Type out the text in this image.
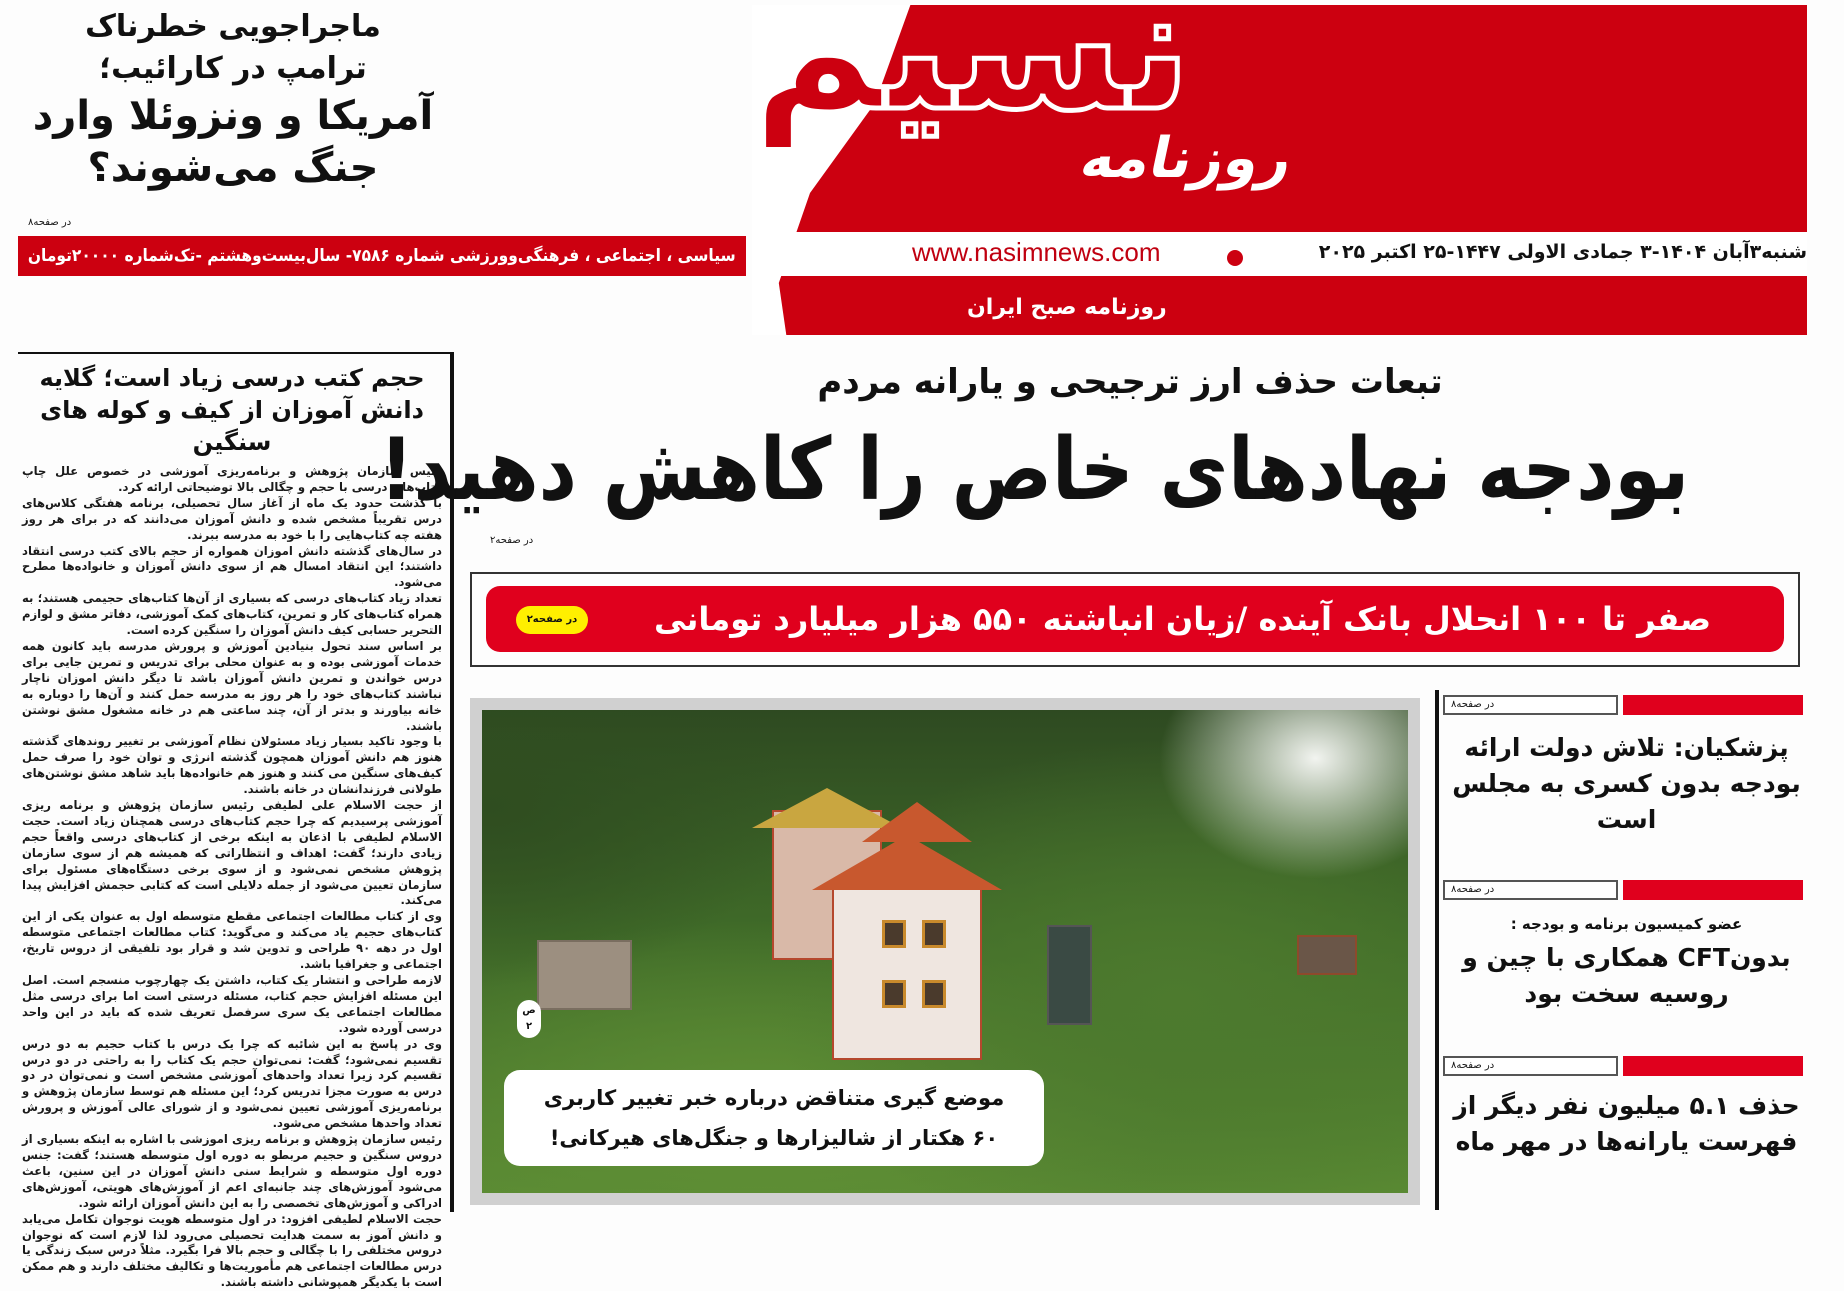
ماجراجویی خطرناک
ترامپ در کارائیب؛
آمریکا و ونزوئلا وارد
جنگ می‌شوند؟
در صفحه۸
سیاسی ، اجتماعی ، فرهنگی‌وورزشی شماره ۷۵۸۶- سال‌بیست‌وهشتم -تک‌شماره ۲۰۰۰۰تومان
نسیم
روزنامه
www.nasimnews.com	شنبه۳آبان ۱۴۰۴-۳ جمادی الاولی ۱۴۴۷-۲۵ اکتبر ۲۰۲۵
روزنامه صبح ایران
حجم کتب درسی زیاد است؛ گلایه دانش آموزان از کیف و کوله های سنگین

رئیس سازمان پژوهش و برنامه‌ریزی آموزشی در خصوص علل چاپ کتاب‌های درسی با حجم و چگالی بالا توضیحاتی ارائه کرد.

با گذشت حدود یک ماه از آغاز سال تحصیلی، برنامه هفتگی کلاس‌های درس تقریباً مشخص شده و دانش آموزان می‌دانند که در برای هر روز هفته چه کتاب‌هایی را با خود به مدرسه ببرند.

در سال‌های گذشته دانش اموزان همواره از حجم بالای کتب درسی انتقاد داشتند؛ این انتقاد امسال هم از سوی دانش آموزان و خانواده‌ها مطرح می‌شود.

تعداد زیاد کتاب‌های درسی که بسیاری از آن‌ها کتاب‌های حجیمی هستند؛ به همراه کتاب‌های کار و تمرین، کتاب‌های کمک آموزشی، دفاتر مشق و لوازم التحریر حسابی کیف دانش آموزان را سنگین کرده است.

بر اساس سند تحول بنیادین آموزش و پرورش مدرسه باید کانون همه خدمات آموزشی بوده و به عنوان محلی برای تدریس و تمرین جایی برای درس خواندن و تمرین دانش آموزان باشد تا دیگر دانش اموزان ناچار نباشند کتاب‌های خود را هر روز به مدرسه حمل کنند و آن‌ها را دوباره به خانه بیاورند و بدتر از آن، چند ساعتی هم در خانه مشغول مشق نوشتن باشند.

با وجود تاکید بسیار زیاد مسئولان نظام آموزشی بر تغییر روندهای گذشته هنوز هم دانش آموزان همچون گذشته انرژی و توان خود را صرف حمل کیف‌های سنگین می کنند و هنوز هم خانواده‌ها باید شاهد مشق نوشتن‌های طولانی فرزندانشان در خانه باشند.

از حجت الاسلام علی لطیفی رئیس سازمان پژوهش و برنامه ریزی آموزشی پرسیدیم که چرا حجم کتاب‌های درسی همچنان زیاد است. حجت الاسلام لطیفی با اذعان به اینکه برخی از کتاب‌های درسی واقعاً حجم زیادی دارند؛ گفت: اهداف و انتظاراتی که همیشه هم از سوی سازمان پژوهش مشخص نمی‌شود و از سوی برخی دستگاه‌های مسئول برای سازمان تعیین می‌شود از جمله دلایلی است که کتابی حجمش افزایش پیدا می‌کند.

وی از کتاب مطالعات اجتماعی مقطع متوسطه اول به عنوان یکی از این کتاب‌های حجیم یاد می‌کند و می‌گوید: کتاب مطالعات اجتماعی متوسطه اول در دهه ۹۰ طراحی و تدوین شد و قرار بود تلفیقی از دروس تاریخ، اجتماعی و جغرافیا باشد.

لازمه طراحی و انتشار یک کتاب، داشتن یک چهارچوب منسجم است. اصل این مسئله افزایش حجم کتاب، مسئله درستی است اما برای درسی مثل مطالعات اجتماعی یک سری سرفصل تعریف شده که باید در این واحد درسی آورده شود.

وی در پاسخ به این شائبه که چرا یک درس با کتاب حجیم به دو درس تقسیم نمی‌شود؛ گفت: نمی‌توان حجم یک کتاب را به راحتی در دو درس تقسیم کرد زیرا تعداد واحدهای آموزشی مشخص است و نمی‌توان در دو درس به صورت مجزا تدریس کرد؛ این مسئله هم توسط سازمان پژوهش و برنامه‌ریزی آموزشی تعیین نمی‌شود و از شورای عالی آموزش و پرورش تعداد واحدها مشخص می‌شود.

رئیس سازمان پژوهش و برنامه ریزی اموزشی با اشاره به اینکه بسیاری از دروس سنگین و حجیم مربطو به دوره اول متوسطه هستند؛ گفت: جنس دوره اول متوسطه و شرایط سنی دانش آموزان در این سنین، باعث می‌شود آموزش‌های چند جانبه‌ای اعم از آموزش‌های هویتی، آموزش‌های ادراکی و آموزش‌های تخصصی را به این دانش آموزان ارائه شود.

حجت الاسلام لطیفی افزود: در اول متوسطه هویت نوجوان تکامل می‌یابد و دانش آموز به سمت هدایت تحصیلی می‌رود لذا لازم است که نوجوان دروس مختلفی را با چگالی و حجم بالا فرا بگیرد. مثلاً درس سبک زندگی یا درس مطالعات اجتماعی هم مأموریت‌ها و تکالیف مختلف دارند و هم ممکن است با یکدیگر همپوشانی داشته باشند.

تبعات حذف ارز ترجیحی و یارانه مردم
بودجه نهادهای خاص را کاهش دهید!
در صفحه۲
صفر تا ۱۰۰ انحلال بانک آینده /زیان انباشته ۵۵۰ هزار میلیارد تومانی
در صفحه۲
ص
۲
موضع گیری متناقض درباره خبر تغییر کاربری
۶۰ هکتار از شالیزارها و جنگل‌های هیرکانی!
در صفحه۸
پزشکیان: تلاش دولت ارائه بودجه بدون کسری به مجلس است
در صفحه۸
عضو کمیسیون برنامه و بودجه :
بدونCFT همکاری با چین و روسیه سخت بود
در صفحه۸
حذف ۵.۱ میلیون نفر دیگر از فهرست یارانه‌ها در مهر ماه
